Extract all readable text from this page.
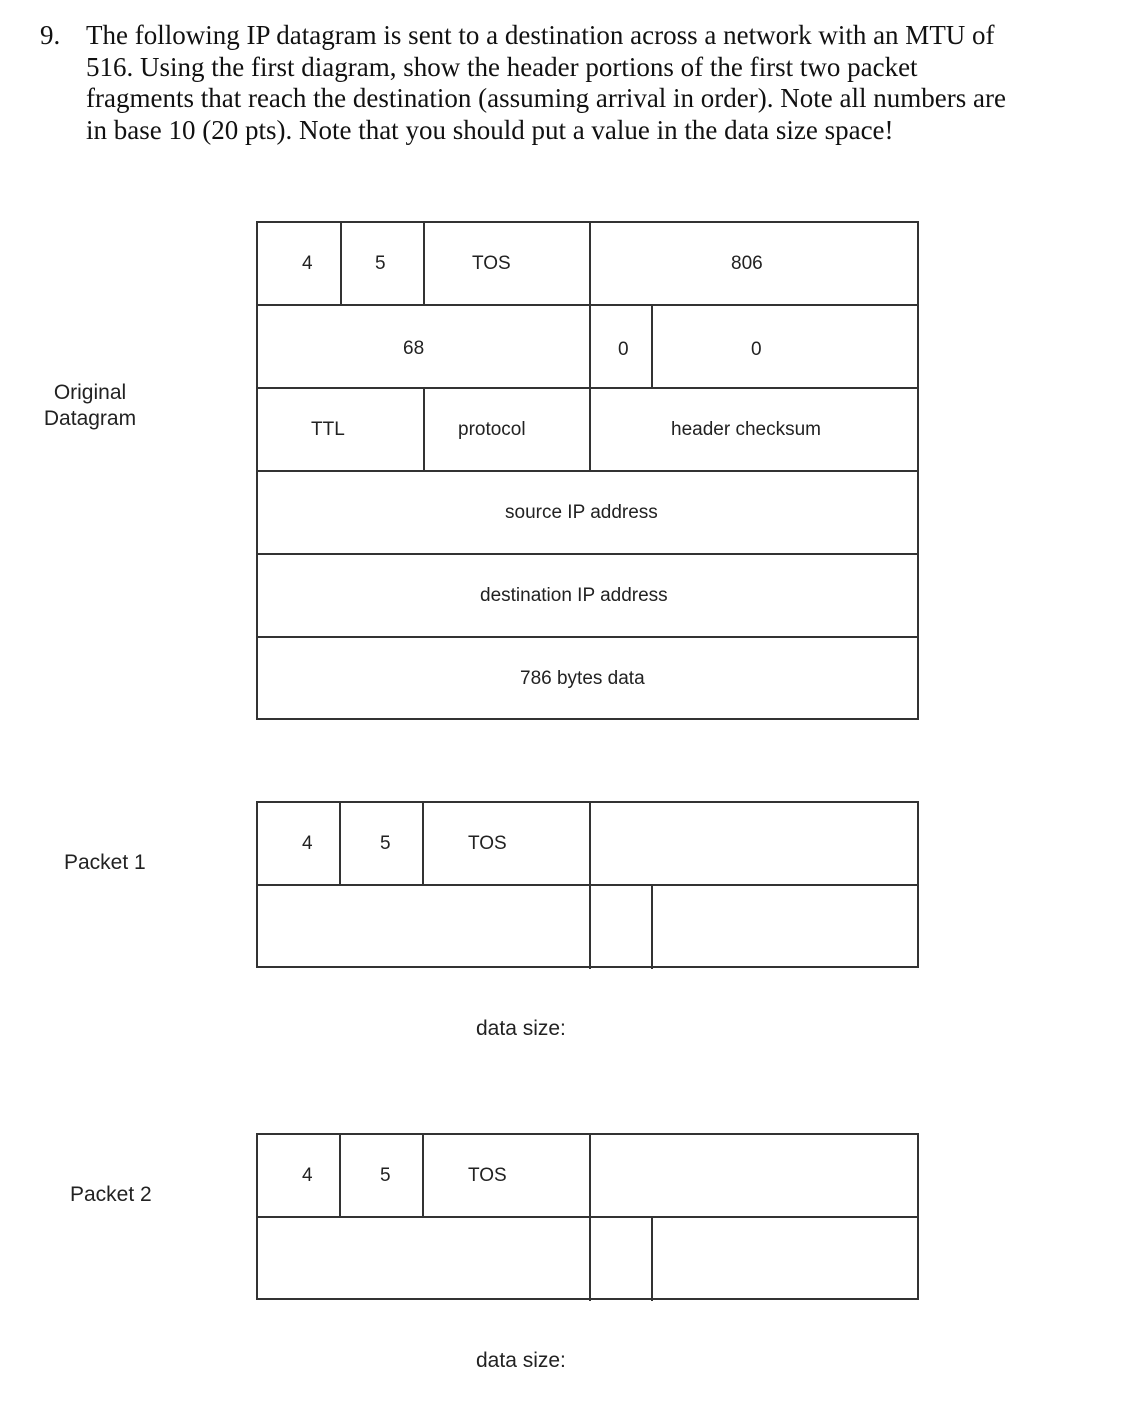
9. The following IP datagram is sent to a destination across a network with an MTU of
516. Using the first diagram, show the header portions of the first two packet
fragments that reach the destination (assuming arrival in order). Note all numbers are
in base 10 (20 pts). Note that you should put a value in the data size space!
Original
Datagram
4	5	TOS	806
68	0	0
TTL	protocol	header checksum
source IP address
destination IP address
786 bytes data
Packet 1
4	5	TOS
data size:
Packet 2
4	5	TOS
data size:
